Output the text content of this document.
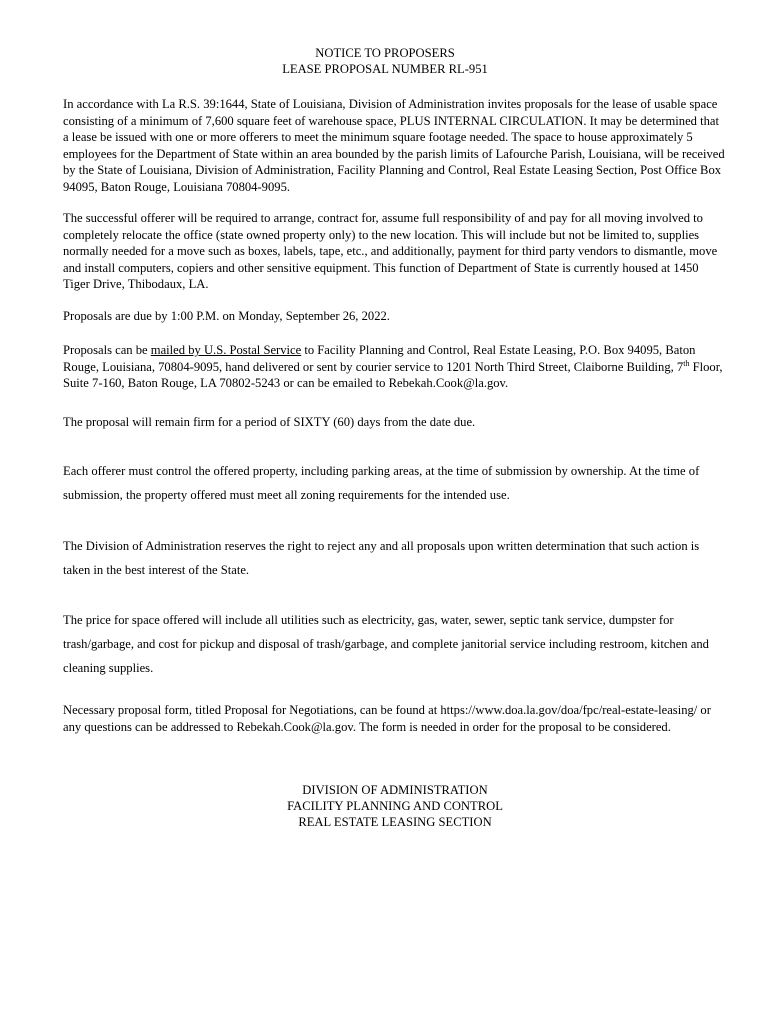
NOTICE TO PROPOSERS
LEASE PROPOSAL NUMBER RL-951

In accordance with La R.S. 39:1644, State of Louisiana, Division of Administration invites proposals for the lease of usable space consisting of a minimum of 7,600 square feet of warehouse space, PLUS INTERNAL CIRCULATION. It may be determined that a lease be issued with one or more offerers to meet the minimum square footage needed. The space to house approximately 5 employees for the Department of State within an area bounded by the parish limits of Lafourche Parish, Louisiana, will be received by the State of Louisiana, Division of Administration, Facility Planning and Control, Real Estate Leasing Section, Post Office Box 94095, Baton Rouge, Louisiana 70804-9095.

The successful offerer will be required to arrange, contract for, assume full responsibility of and pay for all moving involved to completely relocate the office (state owned property only) to the new location. This will include but not be limited to, supplies normally needed for a move such as boxes, labels, tape, etc., and additionally, payment for third party vendors to dismantle, move and install computers, copiers and other sensitive equipment. This function of Department of State is currently housed at 1450 Tiger Drive, Thibodaux, LA.

Proposals are due by 1:00 P.M. on Monday, September 26, 2022.

Proposals can be mailed by U.S. Postal Service to Facility Planning and Control, Real Estate Leasing, P.O. Box 94095, Baton Rouge, Louisiana, 70804-9095, hand delivered or sent by courier service to 1201 North Third Street, Claiborne Building, 7th Floor, Suite 7-160, Baton Rouge, LA 70802-5243 or can be emailed to Rebekah.Cook@la.gov.

The proposal will remain firm for a period of SIXTY (60) days from the date due.

Each offerer must control the offered property, including parking areas, at the time of submission by ownership. At the time of submission, the property offered must meet all zoning requirements for the intended use.

The Division of Administration reserves the right to reject any and all proposals upon written determination that such action is taken in the best interest of the State.

The price for space offered will include all utilities such as electricity, gas, water, sewer, septic tank service, dumpster for trash/garbage, and cost for pickup and disposal of trash/garbage, and complete janitorial service including restroom, kitchen and cleaning supplies.

Necessary proposal form, titled Proposal for Negotiations, can be found at https://www.doa.la.gov/doa/fpc/real-estate-leasing/ or any questions can be addressed to Rebekah.Cook@la.gov. The form is needed in order for the proposal to be considered.

DIVISION OF ADMINISTRATION
FACILITY PLANNING AND CONTROL
REAL ESTATE LEASING SECTION
